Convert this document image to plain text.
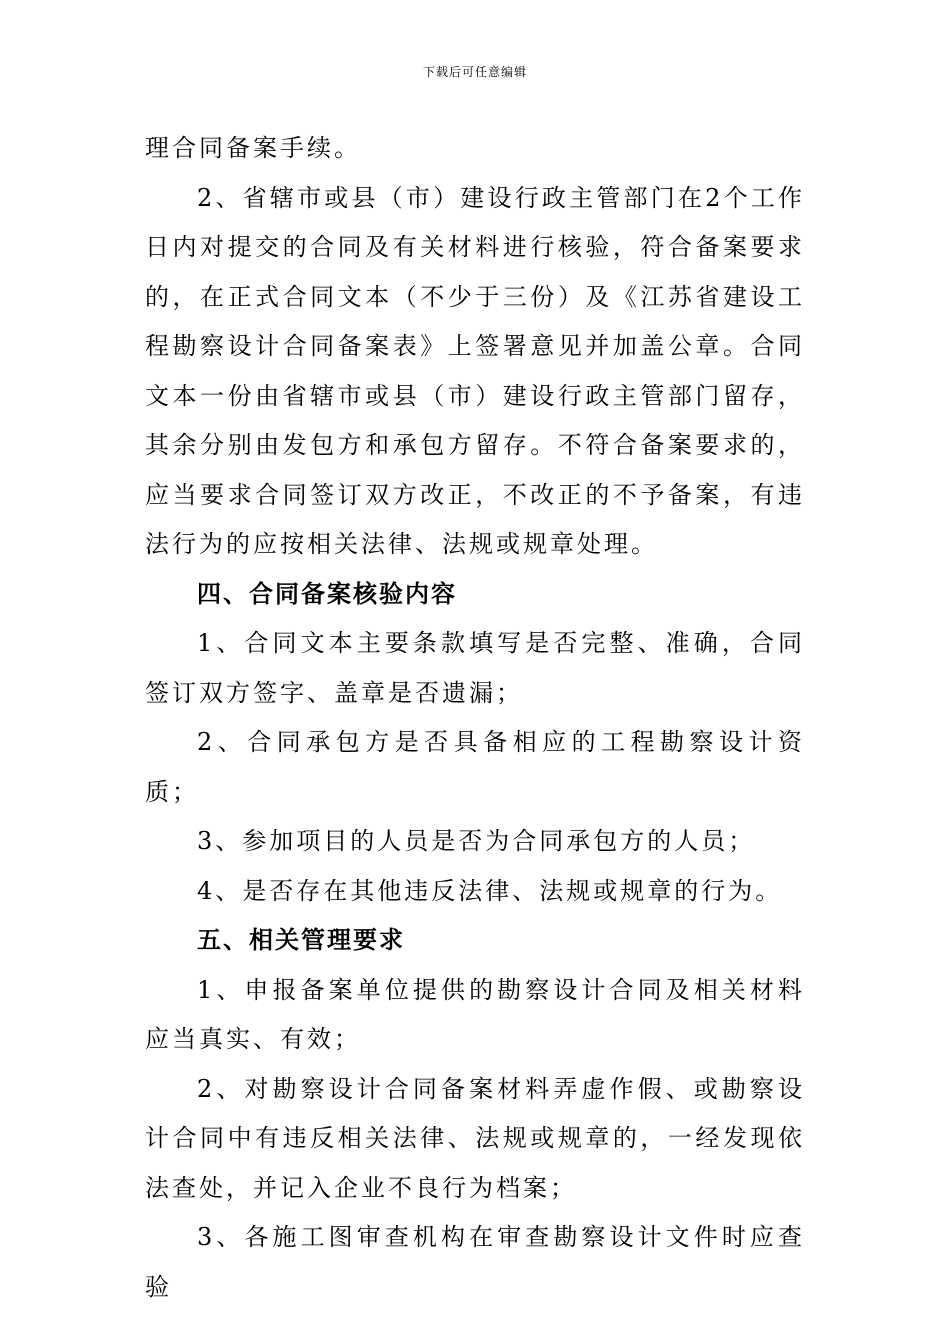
下载后可任意编辑

理合同备案手续。

2、省辖市或县（市）建设行政主管部门在2个工作日内对提交的合同及有关材料进行核验，符合备案要求的，在正式合同文本（不少于三份）及《江苏省建设工程勘察设计合同备案表》上签署意见并加盖公章。合同文本一份由省辖市或县（市）建设行政主管部门留存，其余分别由发包方和承包方留存。不符合备案要求的，应当要求合同签订双方改正，不改正的不予备案，有违法行为的应按相关法律、法规或规章处理。

四、合同备案核验内容

1、合同文本主要条款填写是否完整、准确，合同签订双方签字、盖章是否遗漏；

2、合同承包方是否具备相应的工程勘察设计资质；

3、参加项目的人员是否为合同承包方的人员；

4、是否存在其他违反法律、法规或规章的行为。

五、相关管理要求

1、申报备案单位提供的勘察设计合同及相关材料应当真实、有效；

2、对勘察设计合同备案材料弄虚作假、或勘察设计合同中有违反相关法律、法规或规章的，一经发现依法查处，并记入企业不良行为档案；

3、各施工图审查机构在审查勘察设计文件时应查验
